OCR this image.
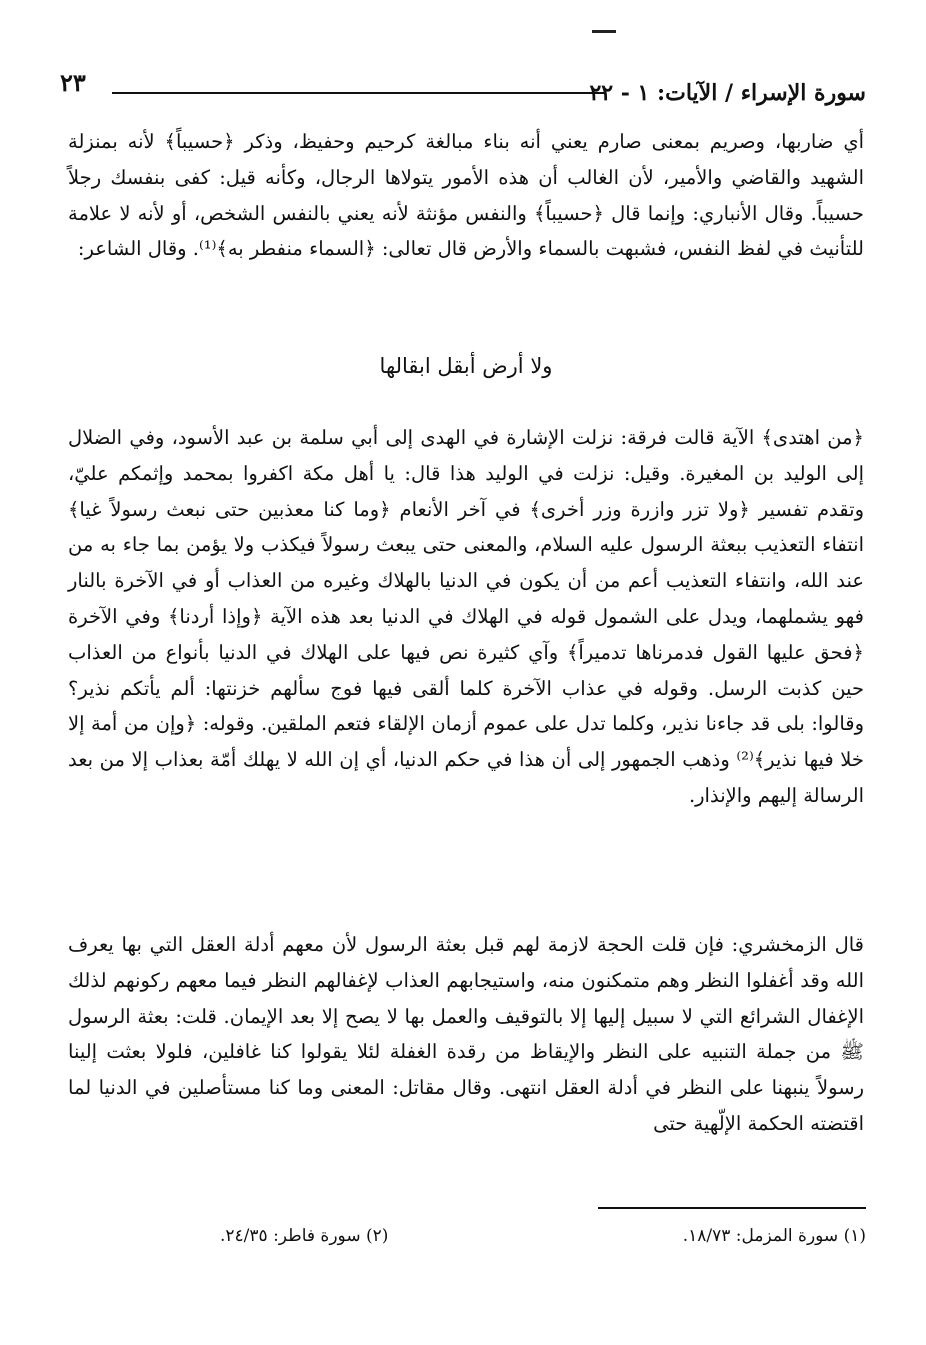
٢٣	سورة الإسراء / الآيات: ١ - ٢٢

أي ضاربها، وصريم بمعنى صارم يعني أنه بناء مبالغة كرحيم وحفيظ، وذكر ﴿حسيباً﴾ لأنه بمنزلة الشهيد والقاضي والأمير، لأن الغالب أن هذه الأمور يتولاها الرجال، وكأنه قيل: كفى بنفسك رجلاً حسيباً. وقال الأنباري: وإنما قال ﴿حسيباً﴾ والنفس مؤنثة لأنه يعني بالنفس الشخص، أو لأنه لا علامة للتأنيث في لفظ النفس، فشبهت بالسماء والأرض قال تعالى: ﴿السماء منفطر به﴾⁽¹⁾. وقال الشاعر:

ولا أرض أبقل ابقالها

﴿من اهتدى﴾ الآية قالت فرقة: نزلت الإشارة في الهدى إلى أبي سلمة بن عبد الأسود، وفي الضلال إلى الوليد بن المغيرة. وقيل: نزلت في الوليد هذا قال: يا أهل مكة اكفروا بمحمد وإثمكم عليّ، وتقدم تفسير ﴿ولا تزر وازرة وزر أخرى﴾ في آخر الأنعام ﴿وما كنا معذبين حتى نبعث رسولاً غيا﴾ انتفاء التعذيب ببعثة الرسول عليه السلام، والمعنى حتى يبعث رسولاً فيكذب ولا يؤمن بما جاء به من عند الله، وانتفاء التعذيب أعم من أن يكون في الدنيا بالهلاك وغيره من العذاب أو في الآخرة بالنار فهو يشملهما، ويدل على الشمول قوله في الهلاك في الدنيا بعد هذه الآية ﴿وإذا أردنا﴾ وفي الآخرة ﴿فحق عليها القول فدمرناها تدميراً﴾ وآي كثيرة نص فيها على الهلاك في الدنيا بأنواع من العذاب حين كذبت الرسل. وقوله في عذاب الآخرة كلما ألقى فيها فوج سألهم خزنتها: ألم يأتكم نذير؟ وقالوا: بلى قد جاءنا نذير، وكلما تدل على عموم أزمان الإلقاء فتعم الملقين. وقوله: ﴿وإن من أمة إلا خلا فيها نذير﴾⁽²⁾ وذهب الجمهور إلى أن هذا في حكم الدنيا، أي إن الله لا يهلك أمّة بعذاب إلا من بعد الرسالة إليهم والإنذار.

قال الزمخشري: فإن قلت الحجة لازمة لهم قبل بعثة الرسول لأن معهم أدلة العقل التي بها يعرف الله وقد أغفلوا النظر وهم متمكنون منه، واستيجابهم العذاب لإغفالهم النظر فيما معهم ركونهم لذلك الإغفال الشرائع التي لا سبيل إليها إلا بالتوقيف والعمل بها لا يصح إلا بعد الإيمان. قلت: بعثة الرسول ﷺ من جملة التنبيه على النظر والإيقاظ من رقدة الغفلة لئلا يقولوا كنا غافلين، فلولا بعثت إلينا رسولاً ينبهنا على النظر في أدلة العقل انتهى. وقال مقاتل: المعنى وما كنا مستأصلين في الدنيا لما اقتضته الحكمة الإلّهية حتى

(١) سورة المزمل: ١٨/٧٣.
(٢) سورة فاطر: ٢٤/٣٥.
